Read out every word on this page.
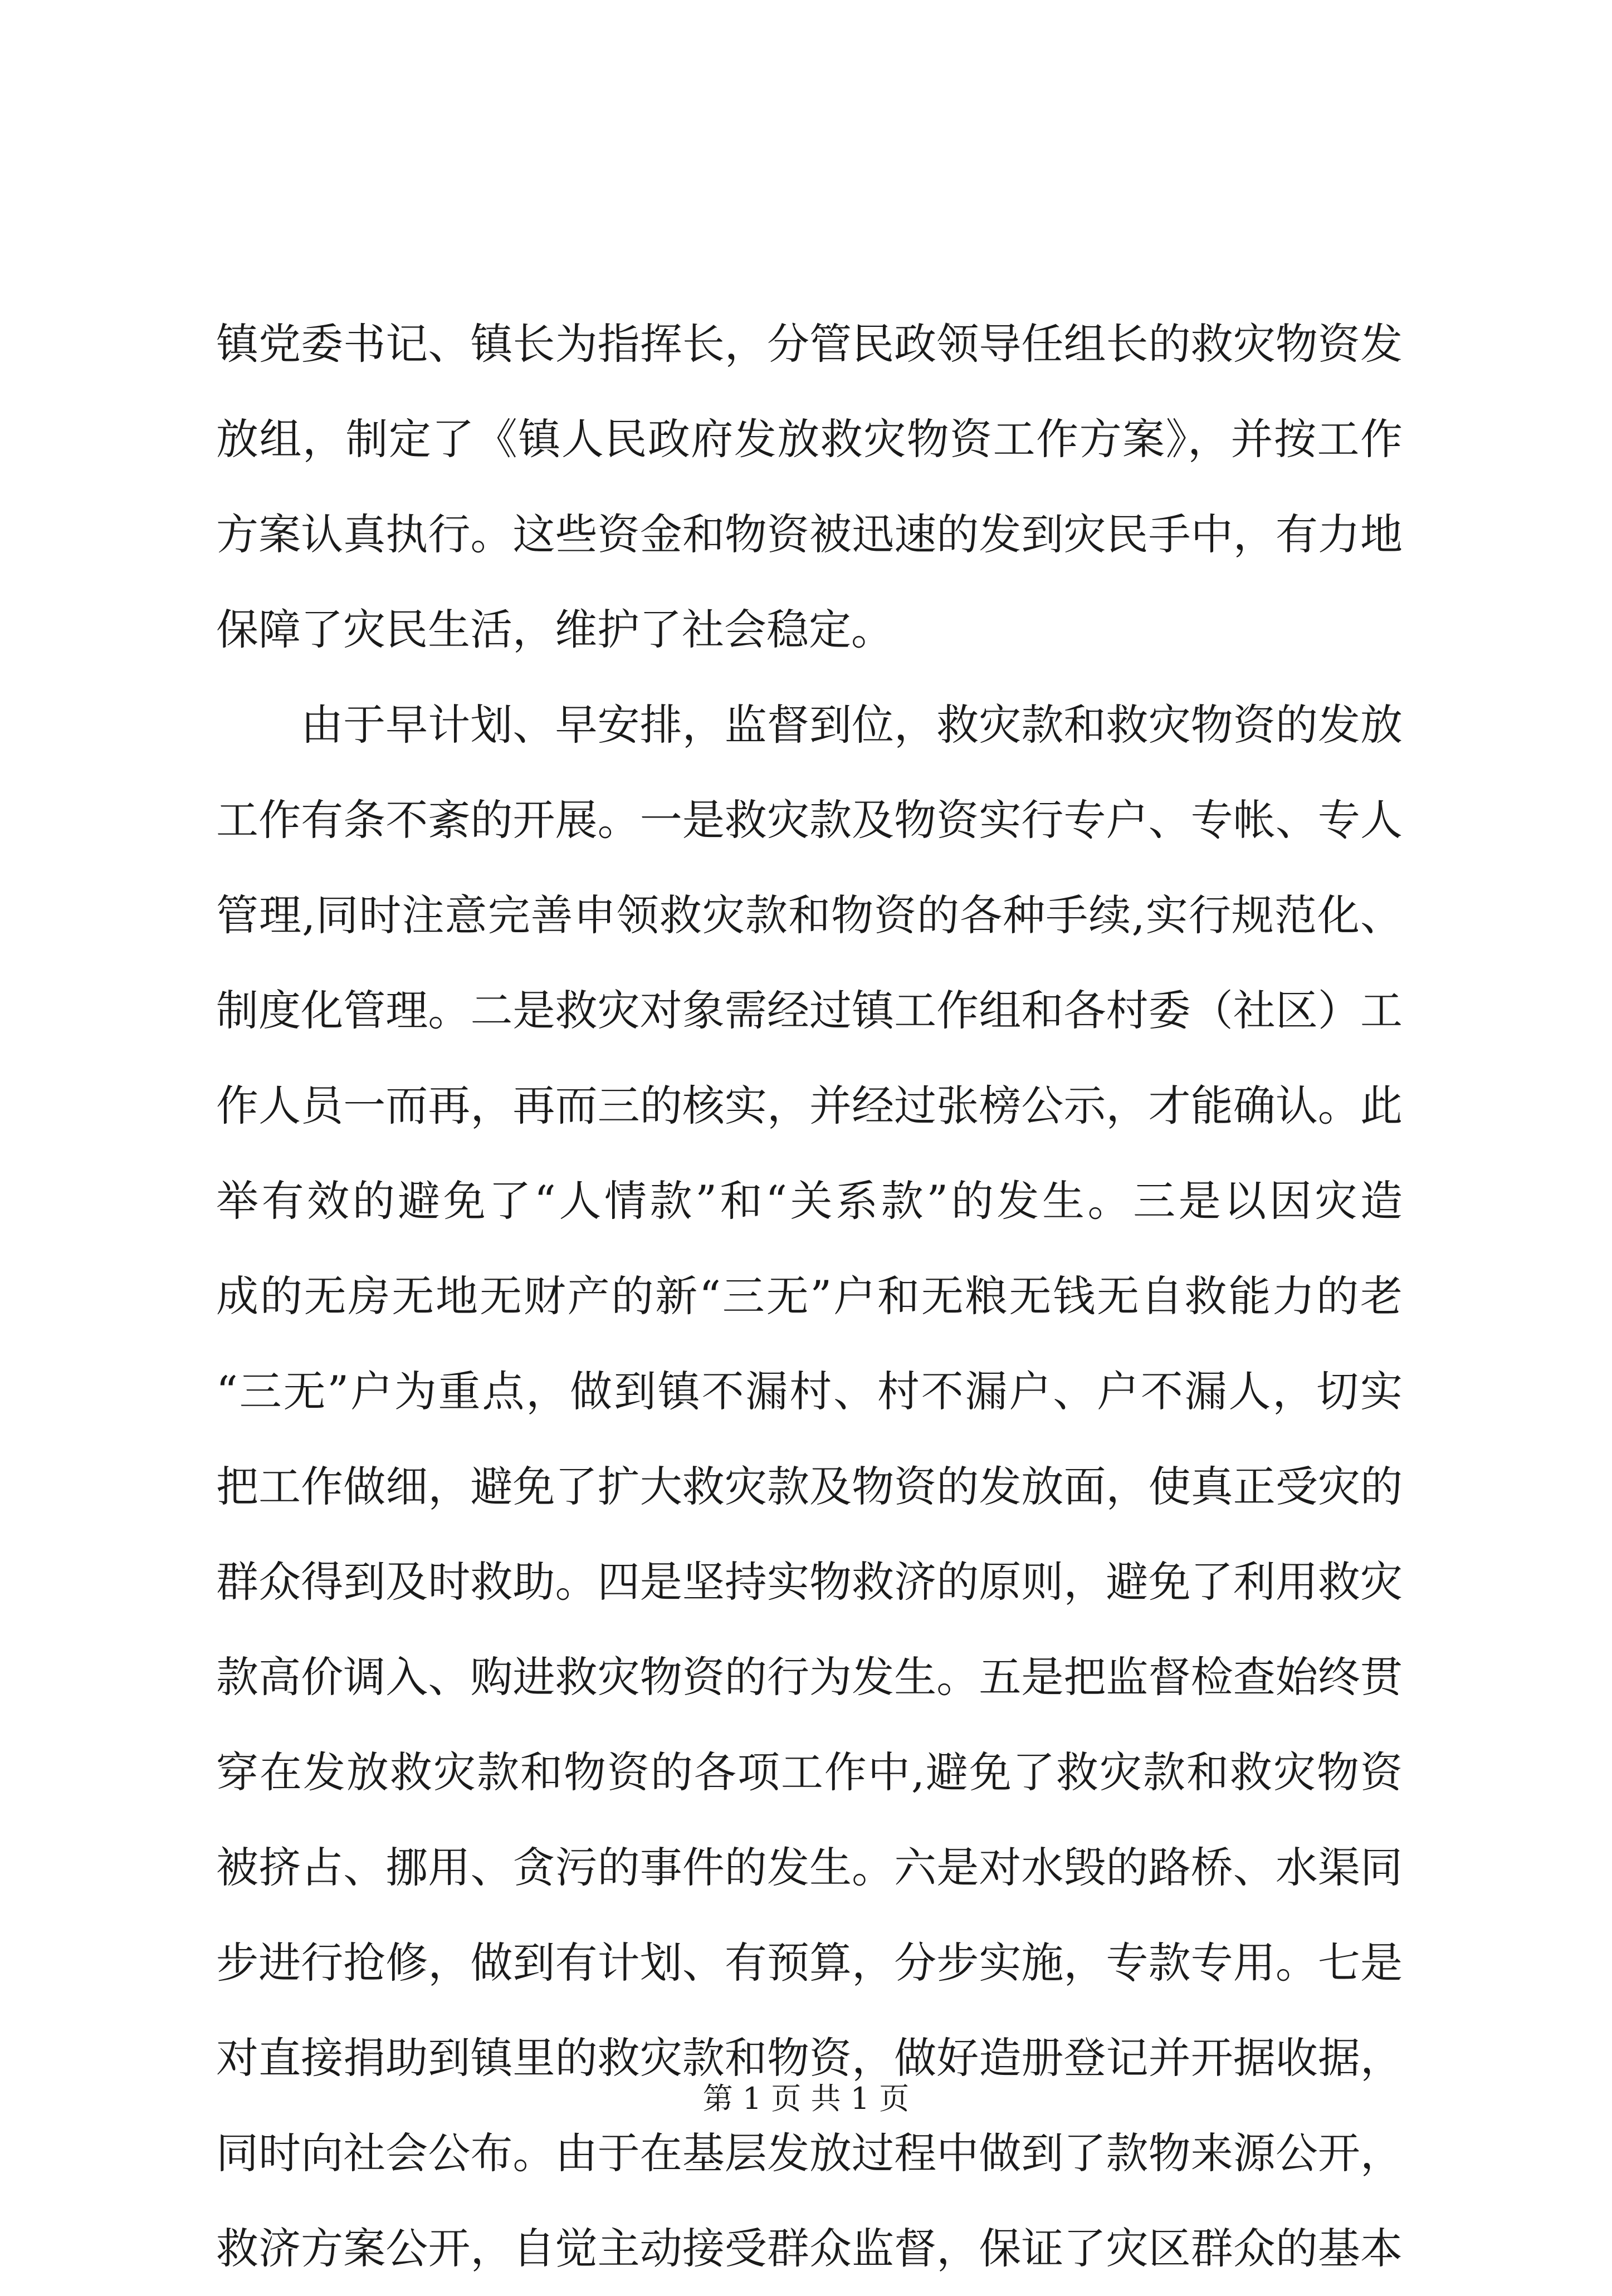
镇党委书记、镇长为指挥长，分管民政领导任组长的救灾物资发
放组，制定了《镇人民政府发放救灾物资工作方案》，并按工作
方案认真执行。这些资金和物资被迅速的发到灾民手中，有力地
保障了灾民生活，维护了社会稳定。
由于早计划、早安排，监督到位，救灾款和救灾物资的发放
工作有条不紊的开展。一是救灾款及物资实行专户、专帐、专人
管理,同时注意完善申领救灾款和物资的各种手续,实行规范化、
制度化管理。二是救灾对象需经过镇工作组和各村委（社区）工
作人员一而再，再而三的核实，并经过张榜公示，才能确认。此
举有效的避免了“人情款”和“关系款”的发生。三是以因灾造
成的无房无地无财产的新“三无”户和无粮无钱无自救能力的老
“三无”户为重点，做到镇不漏村、村不漏户、户不漏人，切实
把工作做细，避免了扩大救灾款及物资的发放面，使真正受灾的
群众得到及时救助。四是坚持实物救济的原则，避免了利用救灾
款高价调入、购进救灾物资的行为发生。五是把监督检查始终贯
穿在发放救灾款和物资的各项工作中,避免了救灾款和救灾物资
被挤占、挪用、贪污的事件的发生。六是对水毁的路桥、水渠同
步进行抢修，做到有计划、有预算，分步实施，专款专用。七是
对直接捐助到镇里的救灾款和物资，做好造册登记并开据收据，
同时向社会公布。由于在基层发放过程中做到了款物来源公开，
救济方案公开，自觉主动接受群众监督，保证了灾区群众的基本
第 1 页 共 1 页
